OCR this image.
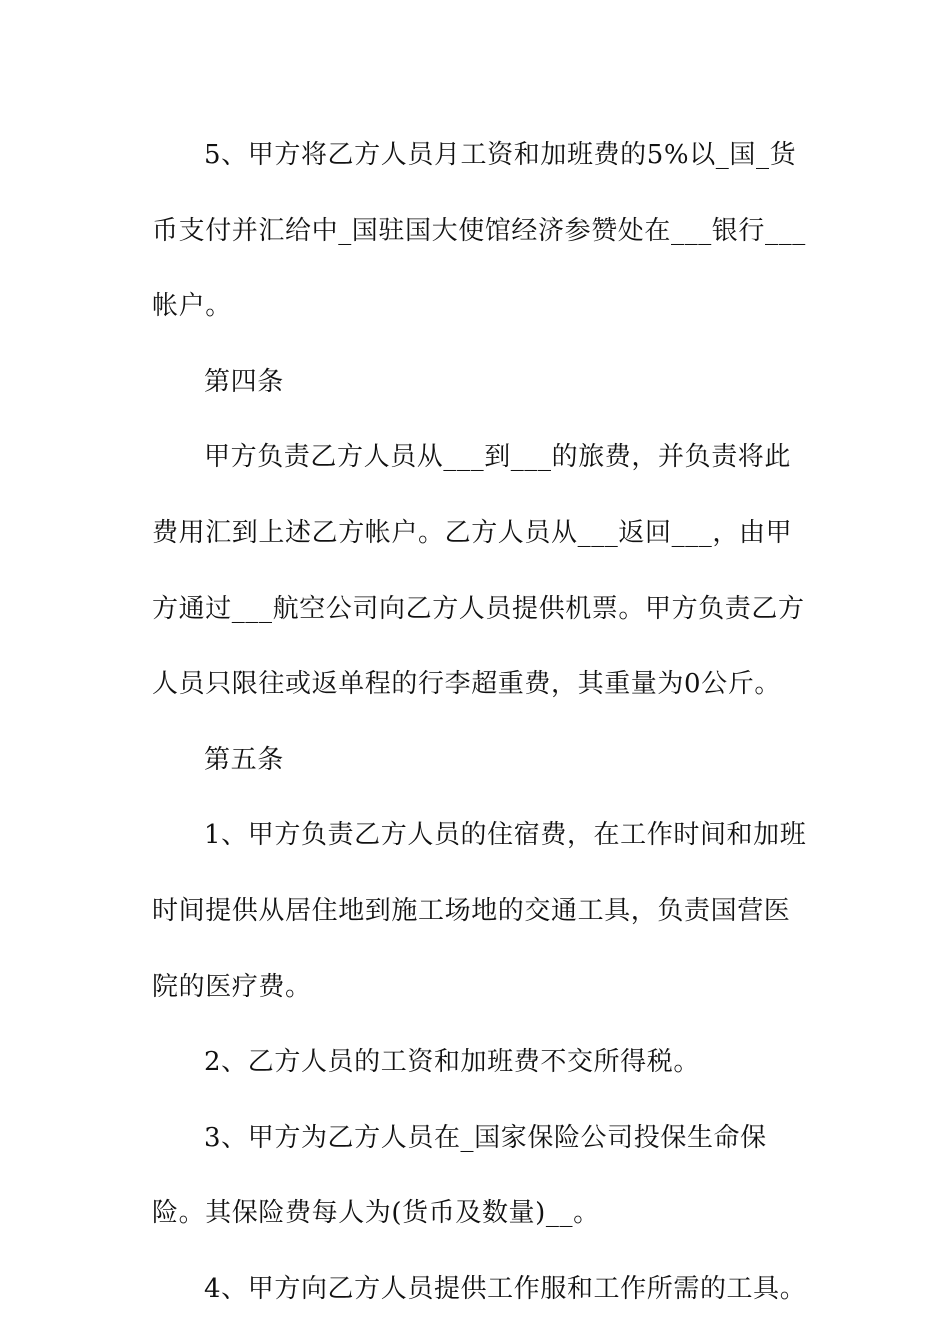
5、甲方将乙方人员月工资和加班费的5%以_国_货币支付并汇给中_国驻国大使馆经济参赞处在___银行___帐户。

第四条

甲方负责乙方人员从___到___的旅费，并负责将此费用汇到上述乙方帐户。乙方人员从___返回___，由甲方通过___航空公司向乙方人员提供机票。甲方负责乙方人员只限往或返单程的行李超重费，其重量为0公斤。

第五条

1、甲方负责乙方人员的住宿费，在工作时间和加班时间提供从居住地到施工场地的交通工具，负责国营医院的医疗费。

2、乙方人员的工资和加班费不交所得税。

3、甲方为乙方人员在_国家保险公司投保生命保险。其保险费每人为(货币及数量)__。

4、甲方向乙方人员提供工作服和工作所需的工具。
